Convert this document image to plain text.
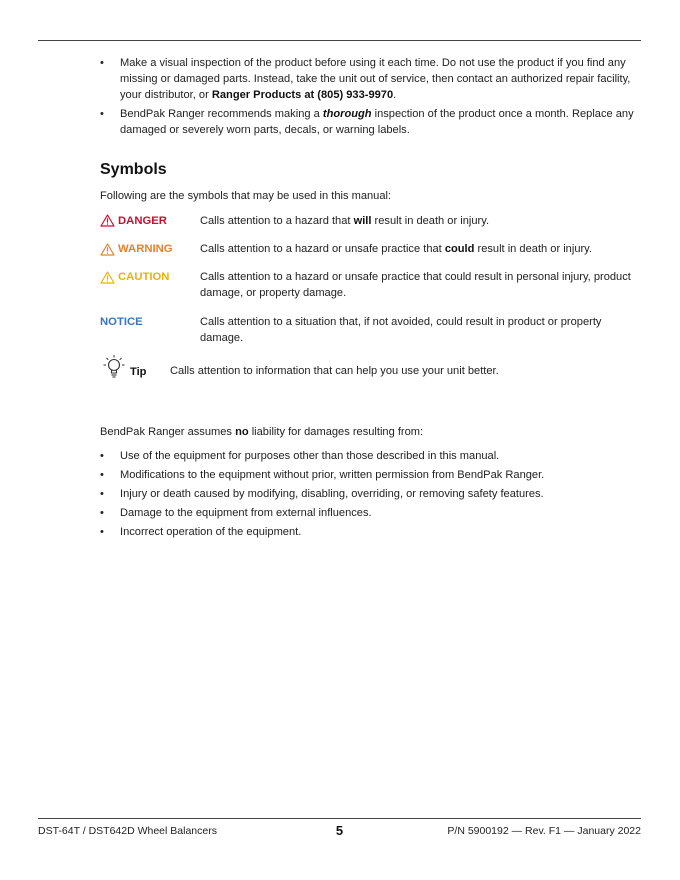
• Make a visual inspection of the product before using it each time. Do not use the product if you find any missing or damaged parts. Instead, take the unit out of service, then contact an authorized repair facility, your distributor, or Ranger Products at (805) 933-9970.
• BendPak Ranger recommends making a thorough inspection of the product once a month. Replace any damaged or severely worn parts, decals, or warning labels.
Symbols

Following are the symbols that may be used in this manual:

DANGER	Calls attention to a hazard that will result in death or injury.
WARNING Calls attention to a hazard or unsafe practice that could result in death or injury.
CAUTION	Calls attention to a hazard or unsafe practice that could result in personal injury, product damage, or property damage.
NOTICE	Calls attention to a situation that, if not avoided, could result in product or property damage.
Tip Calls attention to information that can help you use your unit better.

BendPak Ranger assumes no liability for damages resulting from:

• Use of the equipment for purposes other than those described in this manual.
• Modifications to the equipment without prior, written permission from BendPak Ranger.
• Injury or death caused by modifying, disabling, overriding, or removing safety features.
• Damage to the equipment from external influences.
• Incorrect operation of the equipment.
DST-64T / DST642D Wheel Balancers	5	P/N 5900192 — Rev. F1 — January 2022
